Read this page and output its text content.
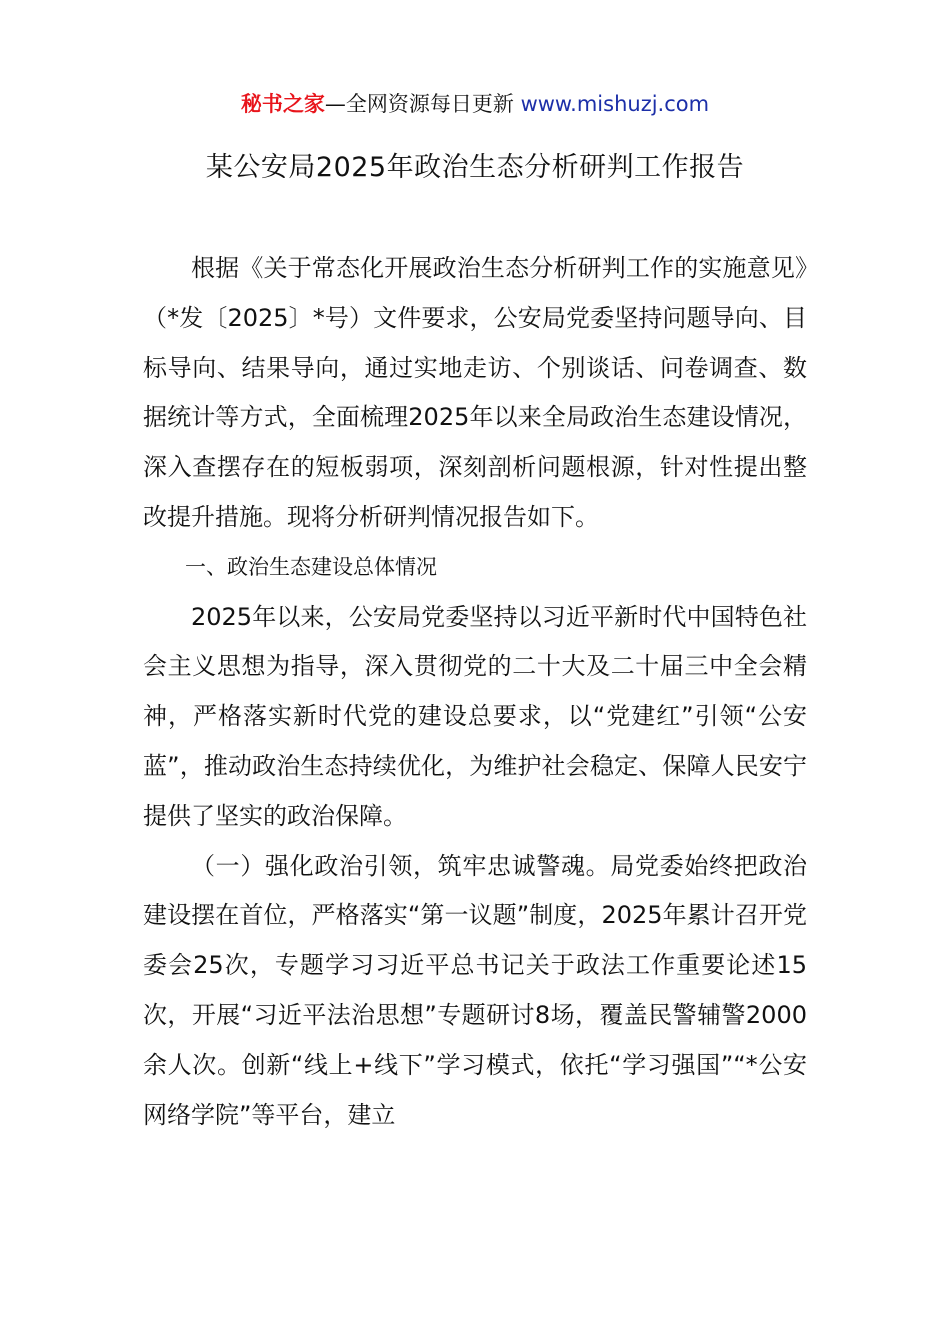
秘书之家—全网资源每日更新 www.mishuzj.com
某公安局2025年政治生态分析研判工作报告

根据《关于常态化开展政治生态分析研判工作的实施意见》（*发〔2025〕*号）文件要求，公安局党委坚持问题导向、目标导向、结果导向，通过实地走访、个别谈话、问卷调查、数据统计等方式，全面梳理2025年以来全局政治生态建设情况，深入查摆存在的短板弱项，深刻剖析问题根源，针对性提出整改提升措施。现将分析研判情况报告如下。

一、政治生态建设总体情况

2025年以来，公安局党委坚持以习近平新时代中国特色社会主义思想为指导，深入贯彻党的二十大及二十届三中全会精神，严格落实新时代党的建设总要求，以“党建红”引领“公安蓝”，推动政治生态持续优化，为维护社会稳定、保障人民安宁提供了坚实的政治保障。

（一）强化政治引领，筑牢忠诚警魂。局党委始终把政治建设摆在首位，严格落实“第一议题”制度，2025年累计召开党委会25次，专题学习习近平总书记关于政法工作重要论述15次，开展“习近平法治思想”专题研讨8场，覆盖民警辅警2000余人次。创新“线上+线下”学习模式，依托“学习强国”“*公安网络学院”等平台，建立
